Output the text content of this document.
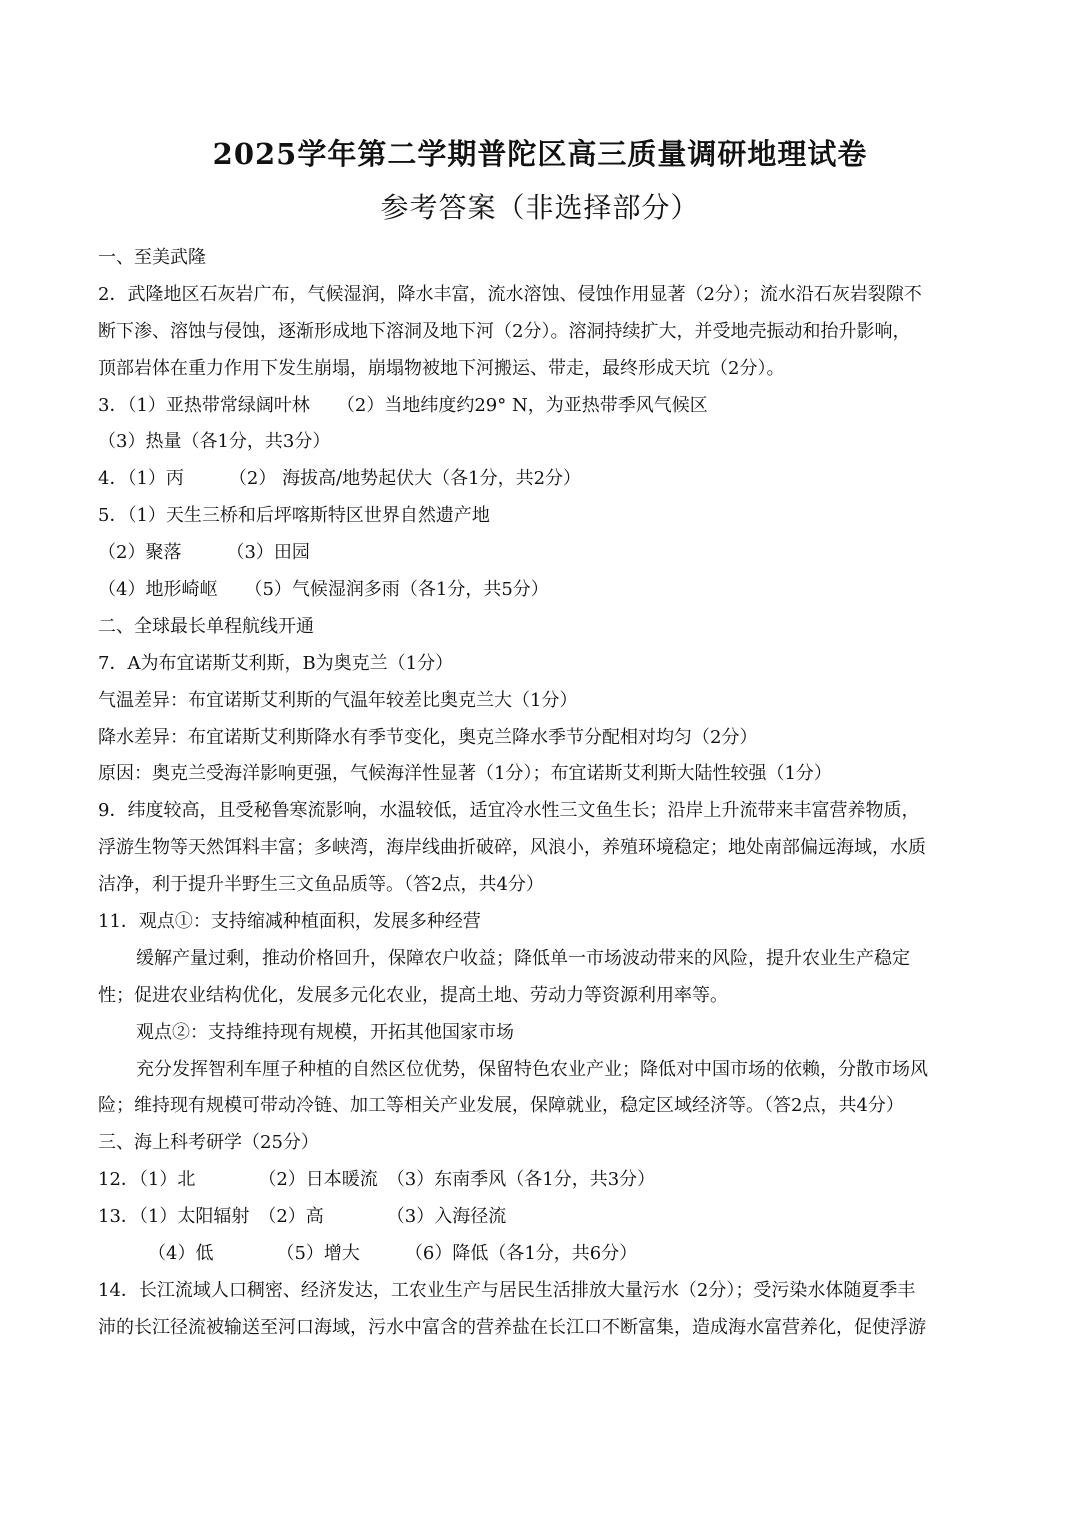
2025学年第二学期普陀区高三质量调研地理试卷
参考答案（非选择部分）
一、至美武隆
2．武隆地区石灰岩广布，气候湿润，降水丰富，流水溶蚀、侵蚀作用显著（2分）；流水沿石灰岩裂隙不
断下渗、溶蚀与侵蚀，逐渐形成地下溶洞及地下河（2分）。溶洞持续扩大，并受地壳振动和抬升影响，
顶部岩体在重力作用下发生崩塌，崩塌物被地下河搬运、带走，最终形成天坑（2分）。
3．（1）亚热带常绿阔叶林　　（2）当地纬度约29° N，为亚热带季风气候区
（3）热量（各1分，共3分）
4．（1）丙　　　（2） 海拔高/地势起伏大（各1分，共2分）
5．（1）天生三桥和后坪喀斯特区世界自然遗产地
（2）聚落　　　（3）田园
（4）地形崎岖　　（5）气候湿润多雨（各1分，共5分）
二、全球最长单程航线开通
7．A为布宜诺斯艾利斯，B为奥克兰（1分）
气温差异：布宜诺斯艾利斯的气温年较差比奥克兰大（1分）
降水差异：布宜诺斯艾利斯降水有季节变化，奥克兰降水季节分配相对均匀（2分）
原因：奥克兰受海洋影响更强，气候海洋性显著（1分）；布宜诺斯艾利斯大陆性较强（1分）
9．纬度较高，且受秘鲁寒流影响，水温较低，适宜冷水性三文鱼生长；沿岸上升流带来丰富营养物质，
浮游生物等天然饵料丰富；多峡湾，海岸线曲折破碎，风浪小，养殖环境稳定；地处南部偏远海域，水质
洁净，利于提升半野生三文鱼品质等。（答2点，共4分）
11．观点①：支持缩减种植面积，发展多种经营
缓解产量过剩，推动价格回升，保障农户收益；降低单一市场波动带来的风险，提升农业生产稳定
性；促进农业结构优化，发展多元化农业，提高土地、劳动力等资源利用率等。
观点②：支持维持现有规模，开拓其他国家市场
充分发挥智利车厘子种植的自然区位优势，保留特色农业产业；降低对中国市场的依赖，分散市场风
险；维持现有规模可带动冷链、加工等相关产业发展，保障就业，稳定区域经济等。（答2点，共4分）
三、海上科考研学（25分）
12．（1）北　　　　（2）日本暖流　（3）东南季风（各1分，共3分）
13．（1）太阳辐射　（2）高　　　　（3）入海径流
（4）低　　　　（5）增大　　　（6）降低（各1分，共6分）
14．长江流域人口稠密、经济发达，工农业生产与居民生活排放大量污水（2分）；受污染水体随夏季丰
沛的长江径流被输送至河口海域，污水中富含的营养盐在长江口不断富集，造成海水富营养化，促使浮游
